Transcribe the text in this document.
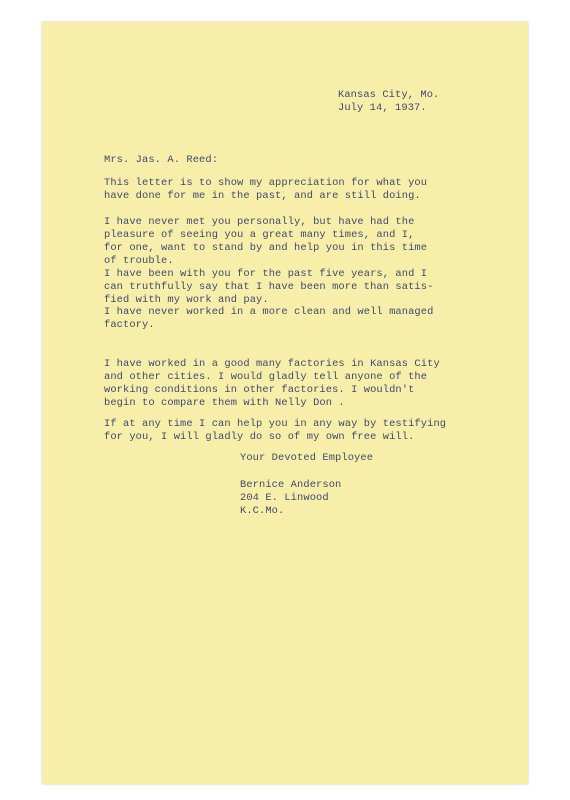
Kansas City, Mo.
July 14, 1937.
Mrs. Jas. A. Reed:
This letter is to show my appreciation for what you
have done for me in the past, and are still doing.
I have never met you personally, but have had the
pleasure of seeing you a great many times, and I,
for one, want to stand by and help you in this time
of trouble.
I have been with you for the past five years, and I
can truthfully say that I have been more than satis-
fied with my work and pay.
I have never worked in a more clean and well managed
factory.
I have worked in a good many factories in Kansas City
and other cities. I would gladly tell anyone of the
working conditions in other factories. I wouldn't
begin to compare them with Nelly Don .
If at any time I can help you in any way by testifying
for you, I will gladly do so of my own free will.
Your Devoted Employee
Bernice Anderson
204 E. Linwood
K.C.Mo.
